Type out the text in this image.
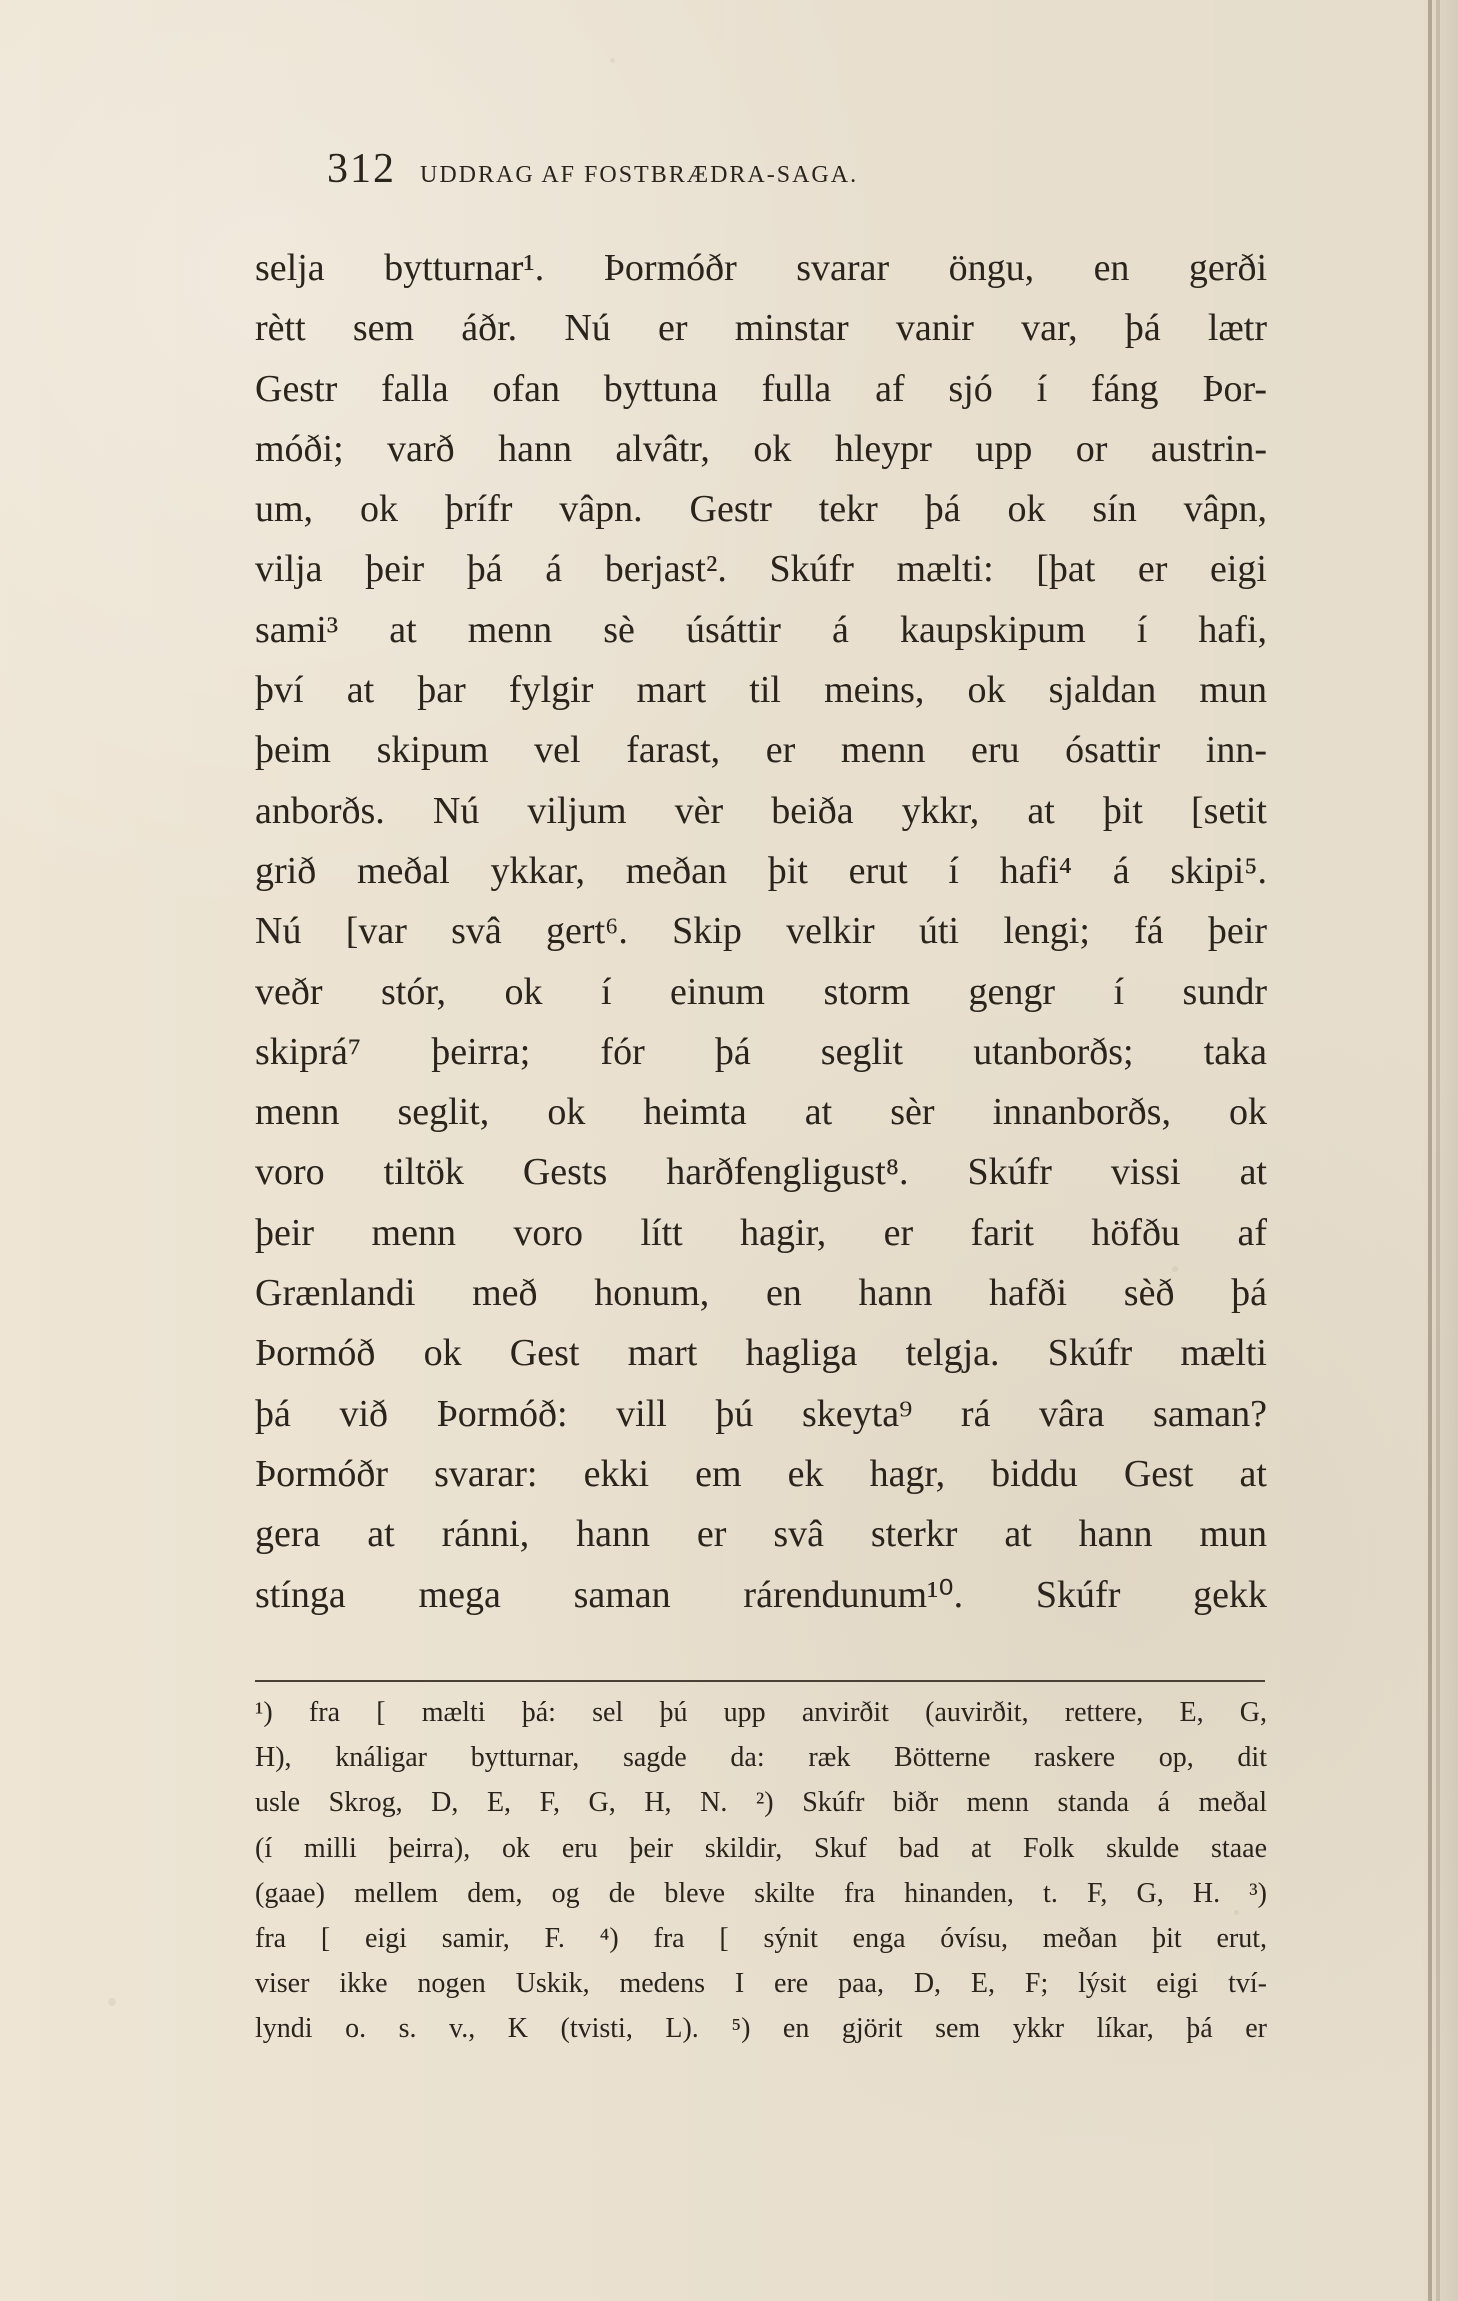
312 UDDRAG AF FOSTBRÆDRA-SAGA.
selja bytturnar¹. Þormóðr svarar öngu, en gerði
rètt sem áðr. Nú er minstar vanir var, þá lætr
Gestr falla ofan byttuna fulla af sjó í fáng Þor-
móði; varð hann alvâtr, ok hleypr upp or austrin-
um, ok þrífr vâpn. Gestr tekr þá ok sín vâpn,
vilja þeir þá á berjast². Skúfr mælti: [þat er eigi
sami³ at menn sè úsáttir á kaupskipum í hafi,
því at þar fylgir mart til meins, ok sjaldan mun
þeim skipum vel farast, er menn eru ósattir inn-
anborðs. Nú viljum vèr beiða ykkr, at þit [setit
grið meðal ykkar, meðan þit erut í hafi⁴ á skipi⁵.
Nú [var svâ gert⁶. Skip velkir úti lengi; fá þeir
veðr stór, ok í einum storm gengr í sundr
skiprá⁷ þeirra; fór þá seglit utanborðs; taka
menn seglit, ok heimta at sèr innanborðs, ok
voro tiltök Gests harðfengligust⁸. Skúfr vissi at
þeir menn voro lítt hagir, er farit höfðu af
Grænlandi með honum, en hann hafði sèð þá
Þormóð ok Gest mart hagliga telgja. Skúfr mælti
þá við Þormóð: vill þú skeyta⁹ rá vâra saman?
Þormóðr svarar: ekki em ek hagr, biddu Gest at
gera at ránni, hann er svâ sterkr at hann mun
stínga mega saman rárendunum¹⁰. Skúfr gekk
¹) fra [ mælti þá: sel þú upp anvirðit (auvirðit, rettere, E, G,
H), knáligar bytturnar, sagde da: ræk Bötterne raskere op, dit
usle Skrog, D, E, F, G, H, N. ²) Skúfr biðr menn standa á meðal
(í milli þeirra), ok eru þeir skildir, Skuf bad at Folk skulde staae
(gaae) mellem dem, og de bleve skilte fra hinanden, t. F, G, H. ³)
fra [ eigi samir, F. ⁴) fra [ sýnit enga óvísu, meðan þit erut,
viser ikke nogen Uskik, medens I ere paa, D, E, F; lýsit eigi tví-
lyndi o. s. v., K (tvisti, L). ⁵) en gjörit sem ykkr líkar, þá er
